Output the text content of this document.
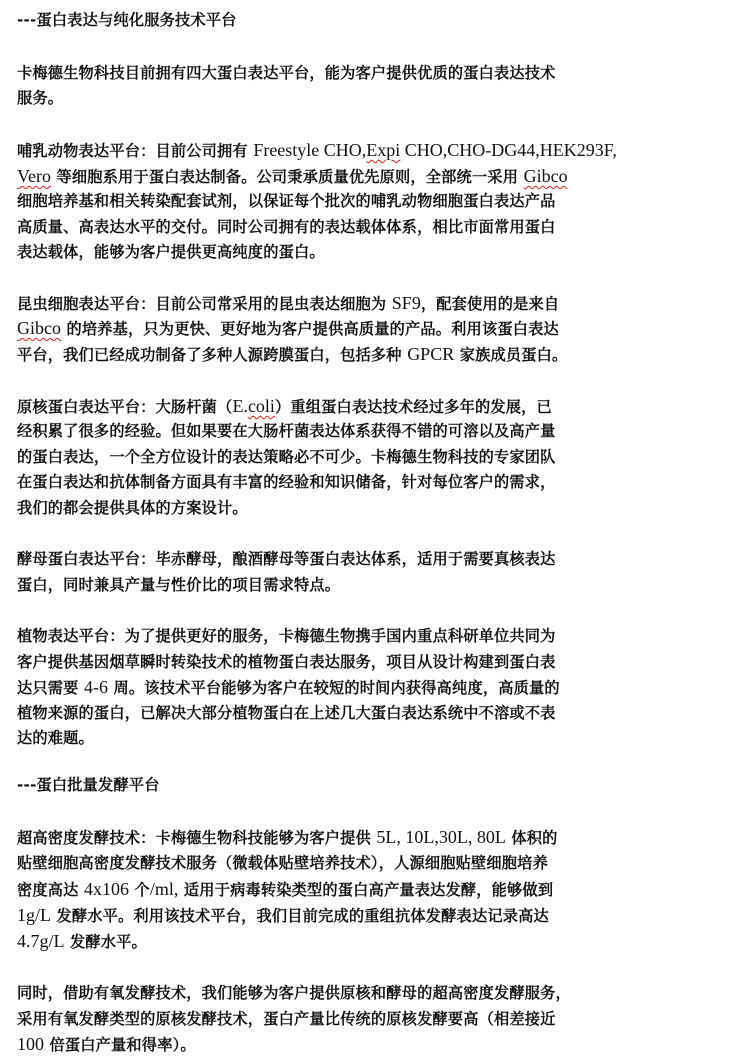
---蛋白表达与纯化服务技术平台
卡梅德生物科技目前拥有四大蛋白表达平台，能为客户提供优质的蛋白表达技术
服务。
哺乳动物表达平台：目前公司拥有 Freestyle CHO,Expi CHO,CHO-DG44,HEK293F,
Vero 等细胞系用于蛋白表达制备。公司秉承质量优先原则，全部统一采用 Gibco
细胞培养基和相关转染配套试剂，以保证每个批次的哺乳动物细胞蛋白表达产品
高质量、高表达水平的交付。同时公司拥有的表达载体体系，相比市面常用蛋白
表达载体，能够为客户提供更高纯度的蛋白。
昆虫细胞表达平台：目前公司常采用的昆虫表达细胞为 SF9，配套使用的是来自
Gibco 的培养基，只为更快、更好地为客户提供高质量的产品。利用该蛋白表达
平台，我们已经成功制备了多种人源跨膜蛋白，包括多种 GPCR 家族成员蛋白。
原核蛋白表达平台：大肠杆菌（E.coli）重组蛋白表达技术经过多年的发展，已
经积累了很多的经验。但如果要在大肠杆菌表达体系获得不错的可溶以及高产量
的蛋白表达，一个全方位设计的表达策略必不可少。卡梅德生物科技的专家团队
在蛋白表达和抗体制备方面具有丰富的经验和知识储备，针对每位客户的需求，
我们的都会提供具体的方案设计。
酵母蛋白表达平台：毕赤酵母，酿酒酵母等蛋白表达体系，适用于需要真核表达
蛋白，同时兼具产量与性价比的项目需求特点。
植物表达平台：为了提供更好的服务，卡梅德生物携手国内重点科研单位共同为
客户提供基因烟草瞬时转染技术的植物蛋白表达服务，项目从设计构建到蛋白表
达只需要 4-6 周。该技术平台能够为客户在较短的时间内获得高纯度，高质量的
植物来源的蛋白，已解决大部分植物蛋白在上述几大蛋白表达系统中不溶或不表
达的难题。
---蛋白批量发酵平台
超高密度发酵技术：卡梅德生物科技能够为客户提供 5L, 10L,30L, 80L 体积的
贴壁细胞高密度发酵技术服务（微载体贴壁培养技术），人源细胞贴壁细胞培养
密度高达 4x106 个/ml, 适用于病毒转染类型的蛋白高产量表达发酵，能够做到
1g/L 发酵水平。利用该技术平台，我们目前完成的重组抗体发酵表达记录高达
4.7g/L 发酵水平。
同时，借助有氧发酵技术，我们能够为客户提供原核和酵母的超高密度发酵服务，
采用有氧发酵类型的原核发酵技术，蛋白产量比传统的原核发酵要高（相差接近
100 倍蛋白产量和得率）。
